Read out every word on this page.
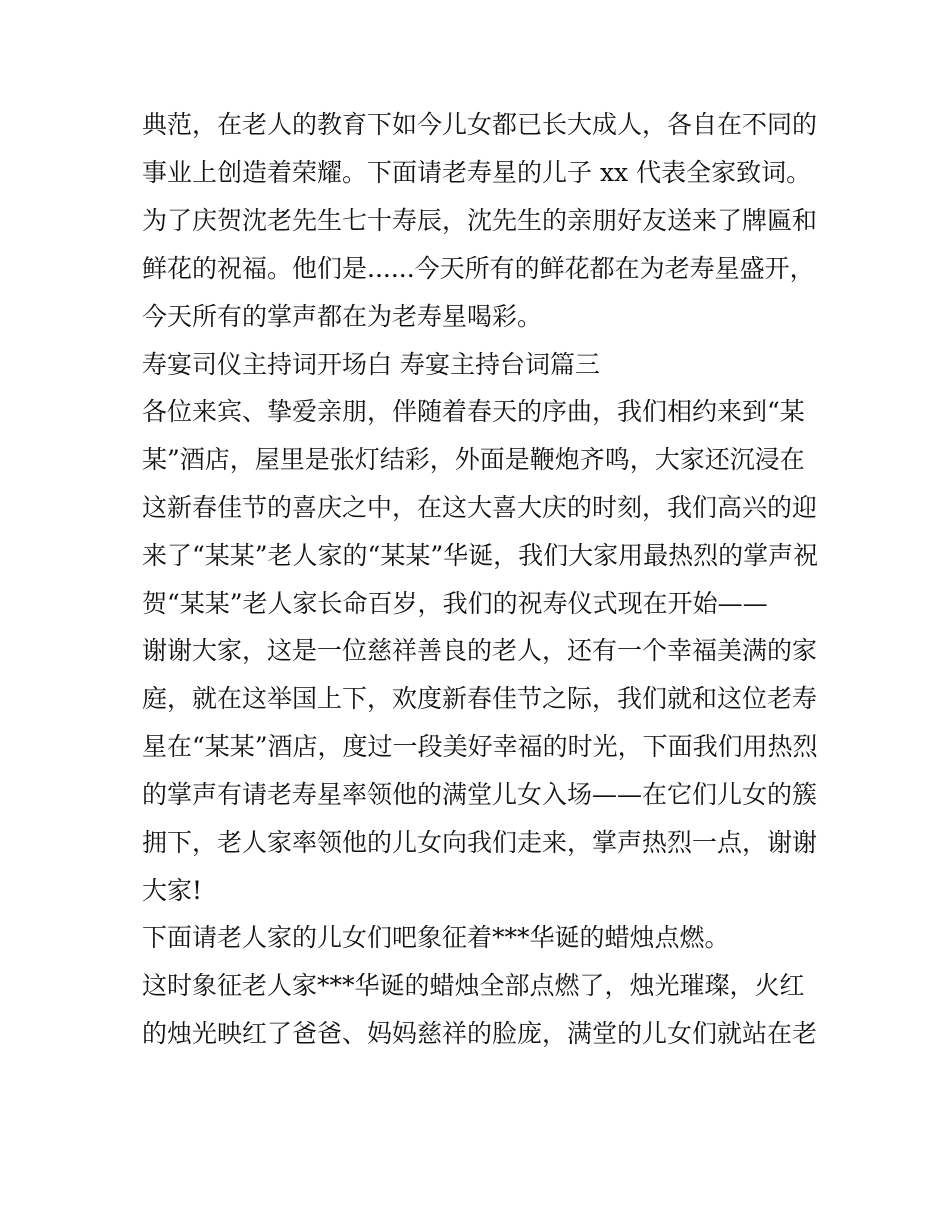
典范，在老人的教育下如今儿女都已长大成人，各自在不同的
事业上创造着荣耀。下面请老寿星的儿子 xx 代表全家致词。
为了庆贺沈老先生七十寿辰，沈先生的亲朋好友送来了牌匾和
鲜花的祝福。他们是......今天所有的鲜花都在为老寿星盛开，
今天所有的掌声都在为老寿星喝彩。
寿宴司仪主持词开场白 寿宴主持台词篇三
各位来宾、挚爱亲朋，伴随着春天的序曲，我们相约来到“某
某”酒店，屋里是张灯结彩，外面是鞭炮齐鸣，大家还沉浸在
这新春佳节的喜庆之中，在这大喜大庆的时刻，我们高兴的迎
来了“某某”老人家的“某某”华诞，我们大家用最热烈的掌声祝
贺“某某”老人家长命百岁，我们的祝寿仪式现在开始——
谢谢大家，这是一位慈祥善良的老人，还有一个幸福美满的家
庭，就在这举国上下，欢度新春佳节之际，我们就和这位老寿
星在“某某”酒店，度过一段美好幸福的时光，下面我们用热烈
的掌声有请老寿星率领他的满堂儿女入场——在它们儿女的簇
拥下，老人家率领他的儿女向我们走来，掌声热烈一点，谢谢
大家!
下面请老人家的儿女们吧象征着***华诞的蜡烛点燃。
这时象征老人家***华诞的蜡烛全部点燃了，烛光璀璨，火红
的烛光映红了爸爸、妈妈慈祥的脸庞，满堂的儿女们就站在老
